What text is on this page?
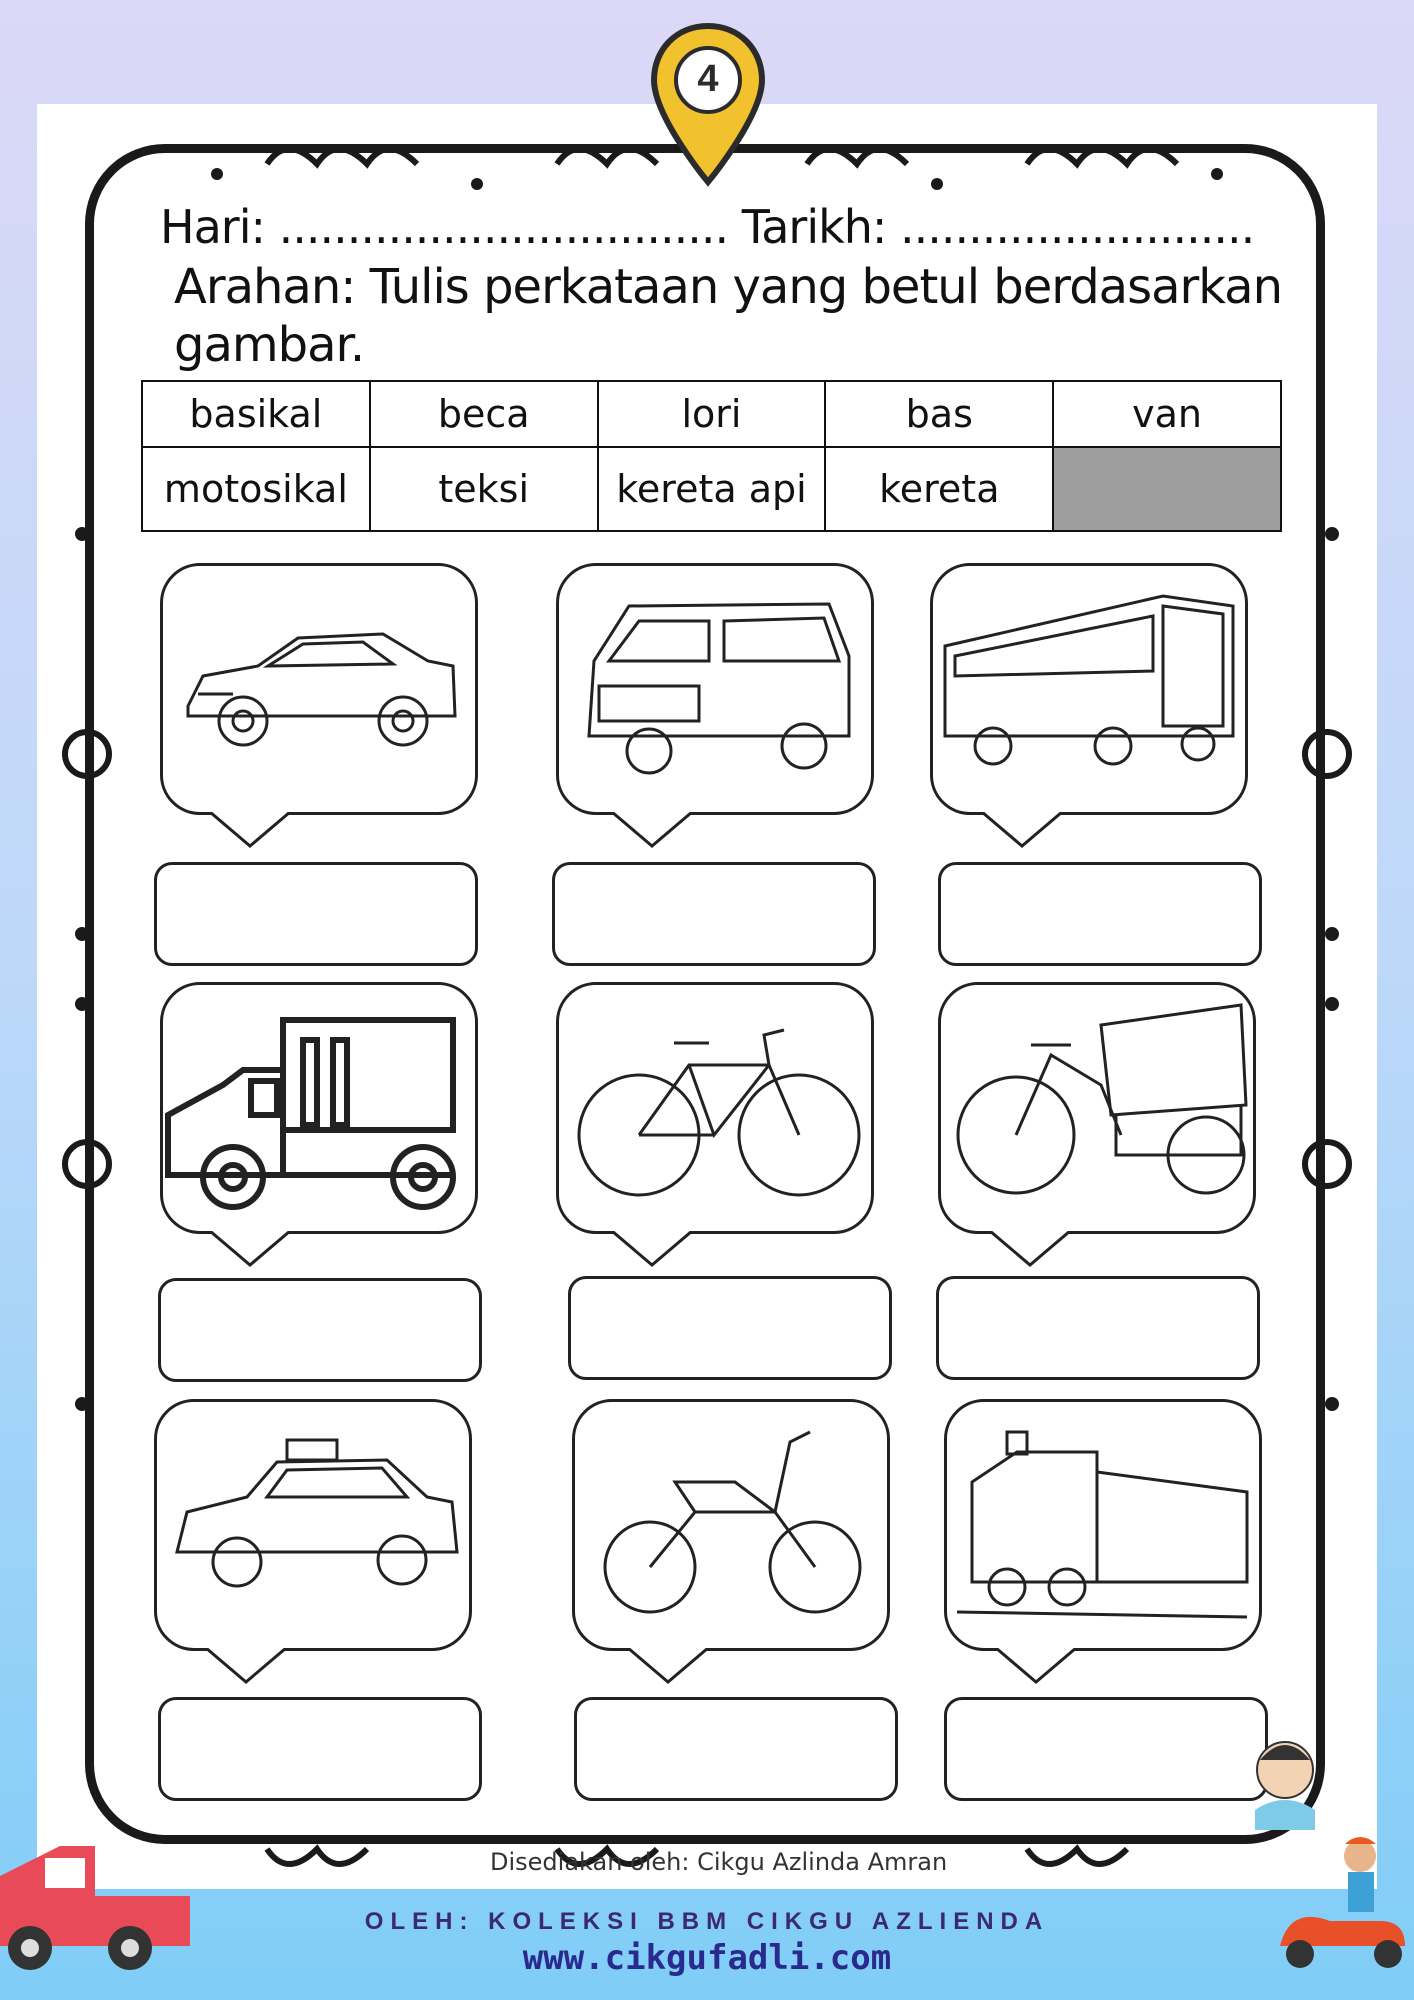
4
Hari: ................................. Tarikh: ..........................
Arahan: Tulis perkataan yang betul berdasarkan gambar.
basikal	beca	lori	bas	van
motosikal	teksi	kereta api	kereta	
Disediakan oleh: Cikgu Azlinda Amran
OLEH: KOLEKSI BBM CIKGU AZLIENDA
www.cikgufadli.com
